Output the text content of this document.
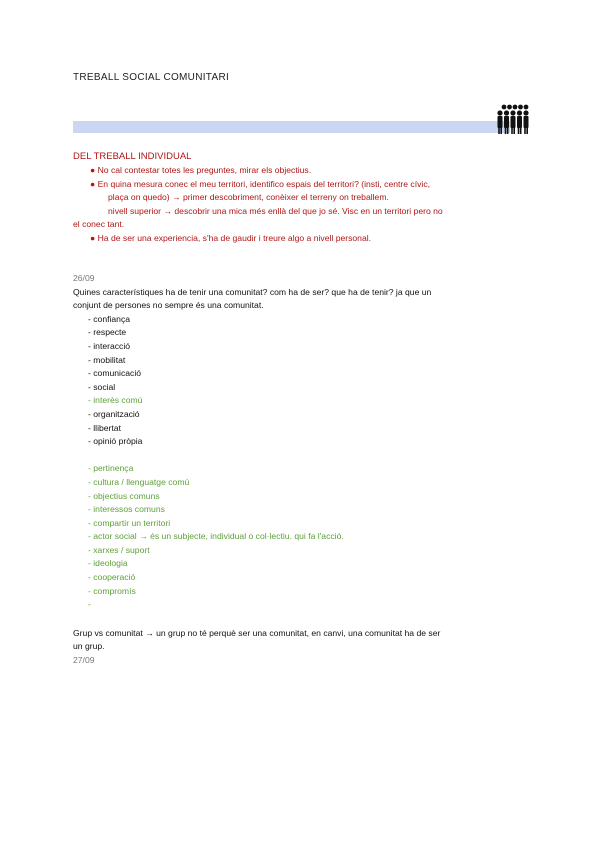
TREBALL SOCIAL COMUNITARI
DEL TREBALL INDIVIDUAL

● No cal contestar totes les preguntes, mirar els objectius.

● En quina mesura conec el meu territori, identifico espais del territori? (insti, centre cívic,

plaça on quedo) → primer descobriment, conèixer el terreny on treballem.

nivell superior → descobrir una mica més enllà del que jo sé. Visc en un territori pero no

el conec tant.

● Ha de ser una experiencia, s'ha de gaudir i treure algo a nivell personal.

26/09

Quines característiques ha de tenir una comunitat? com ha de ser? que ha de tenir? ja que un

conjunt de persones no sempre és una comunitat.

- confiança
- respecte
- interacció
- mobilitat
- comunicació
- social
- interès comú
- organització
- llibertat
- opinió pròpia
- pertinença
- cultura / llenguatge comú
- objectius comuns
- interessos comuns
- compartir un territori
- actor social → és un subjecte, individual o col·lectiu. qui fa l'acció.
- xarxes / suport
- ideologia
- cooperació
- compromís
-

Grup vs comunitat → un grup no té perquè ser una comunitat, en canvi, una comunitat ha de ser

un grup.

27/09
